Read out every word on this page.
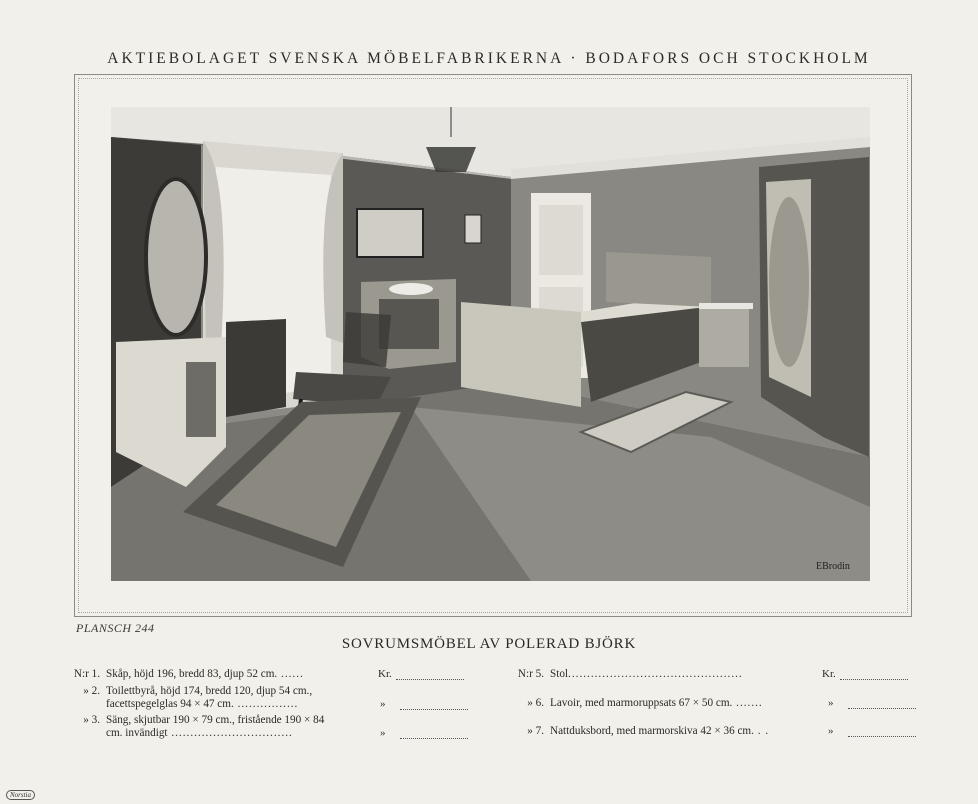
AKTIEBOLAGET SVENSKA MÖBELFABRIKERNA · BODAFORS OCH STOCKHOLM
EBrodin
PLANSCH 244
SOVRUMSMÖBEL AV POLERAD BJÖRK
N:r 1. Skåp, höjd 196, bredd 83, djup 52 cm. ......
» 2. Toilettbyrå, höjd 174, bredd 120, djup 54 cm.,
facettspegelglas 94 × 47 cm. ................
» 3. Säng, skjutbar 190 × 79 cm., fristående 190 × 84
cm. invändigt ................................
Kr.
»
»
N:r 5. Stol..............................................
» 6. Lavoir, med marmoruppsats 67 × 50 cm. .......
» 7. Nattduksbord, med marmorskiva 42 × 36 cm. . .
Kr.
»
»
Norstia
